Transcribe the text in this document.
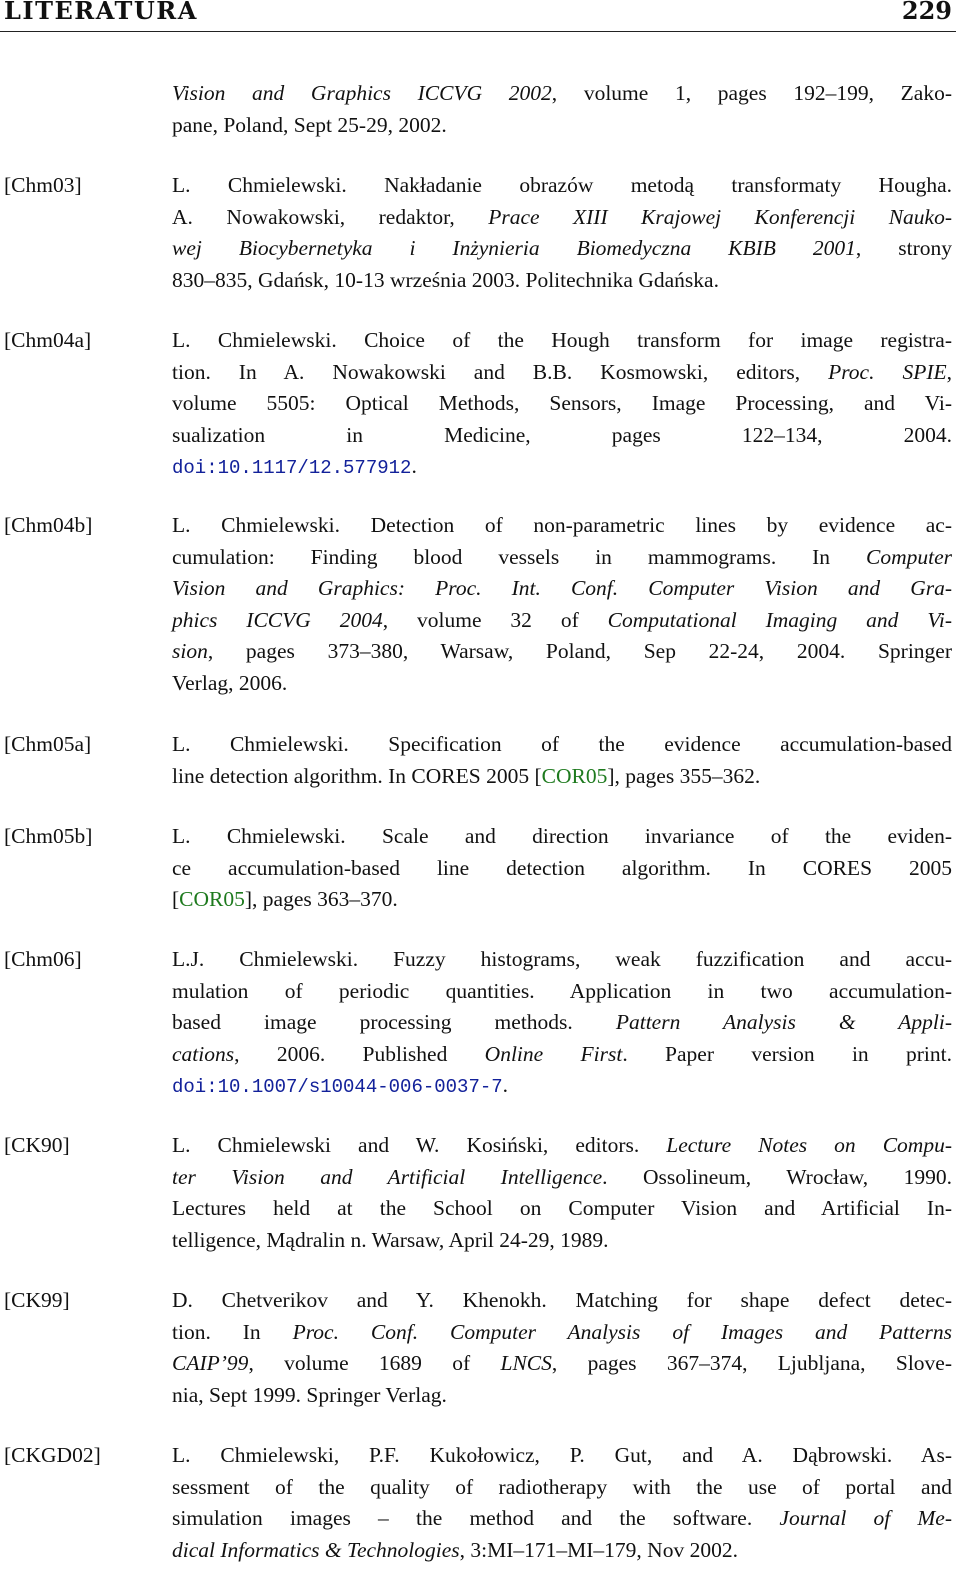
LITERATURA	229
Vision and Graphics ICCVG 2002, volume 1, pages 192–199, Zako-
pane, Poland, Sept 25-29, 2002.
[Chm03]	L. Chmielewski. Nakładanie obrazów metodą transformaty Hougha.
A. Nowakowski, redaktor, Prace XIII Krajowej Konferencji Nauko-
wej Biocybernetyka i Inżynieria Biomedyczna KBIB 2001, strony
830–835, Gdańsk, 10-13 września 2003. Politechnika Gdańska.
[Chm04a]	L. Chmielewski. Choice of the Hough transform for image registra-
tion. In A. Nowakowski and B.B. Kosmowski, editors, Proc. SPIE,
volume 5505: Optical Methods, Sensors, Image Processing, and Vi-
sualization in Medicine, pages 122–134, 2004.
doi:10.1117/12.577912.
[Chm04b]	L. Chmielewski. Detection of non-parametric lines by evidence ac-
cumulation: Finding blood vessels in mammograms. In Computer
Vision and Graphics: Proc. Int. Conf. Computer Vision and Gra-
phics ICCVG 2004, volume 32 of Computational Imaging and Vi-
sion, pages 373–380, Warsaw, Poland, Sep 22-24, 2004. Springer
Verlag, 2006.
[Chm05a]	L. Chmielewski. Specification of the evidence accumulation-based
line detection algorithm. In CORES 2005 [COR05], pages 355–362.
[Chm05b]	L. Chmielewski. Scale and direction invariance of the eviden-
ce accumulation-based line detection algorithm. In CORES 2005
[COR05], pages 363–370.
[Chm06]	L.J. Chmielewski. Fuzzy histograms, weak fuzzification and accu-
mulation of periodic quantities. Application in two accumulation-
based image processing methods. Pattern Analysis & Appli-
cations, 2006. Published Online First. Paper version in print.
doi:10.1007/s10044-006-0037-7.
[CK90]	L. Chmielewski and W. Kosiński, editors. Lecture Notes on Compu-
ter Vision and Artificial Intelligence. Ossolineum, Wrocław, 1990.
Lectures held at the School on Computer Vision and Artificial In-
telligence, Mądralin n. Warsaw, April 24-29, 1989.
[CK99]	D. Chetverikov and Y. Khenokh. Matching for shape defect detec-
tion. In Proc. Conf. Computer Analysis of Images and Patterns
CAIP’99, volume 1689 of LNCS, pages 367–374, Ljubljana, Slove-
nia, Sept 1999. Springer Verlag.
[CKGD02]	L. Chmielewski, P.F. Kukołowicz, P. Gut, and A. Dąbrowski. As-
sessment of the quality of radiotherapy with the use of portal and
simulation images – the method and the software. Journal of Me-
dical Informatics & Technologies, 3:MI–171–MI–179, Nov 2002.
